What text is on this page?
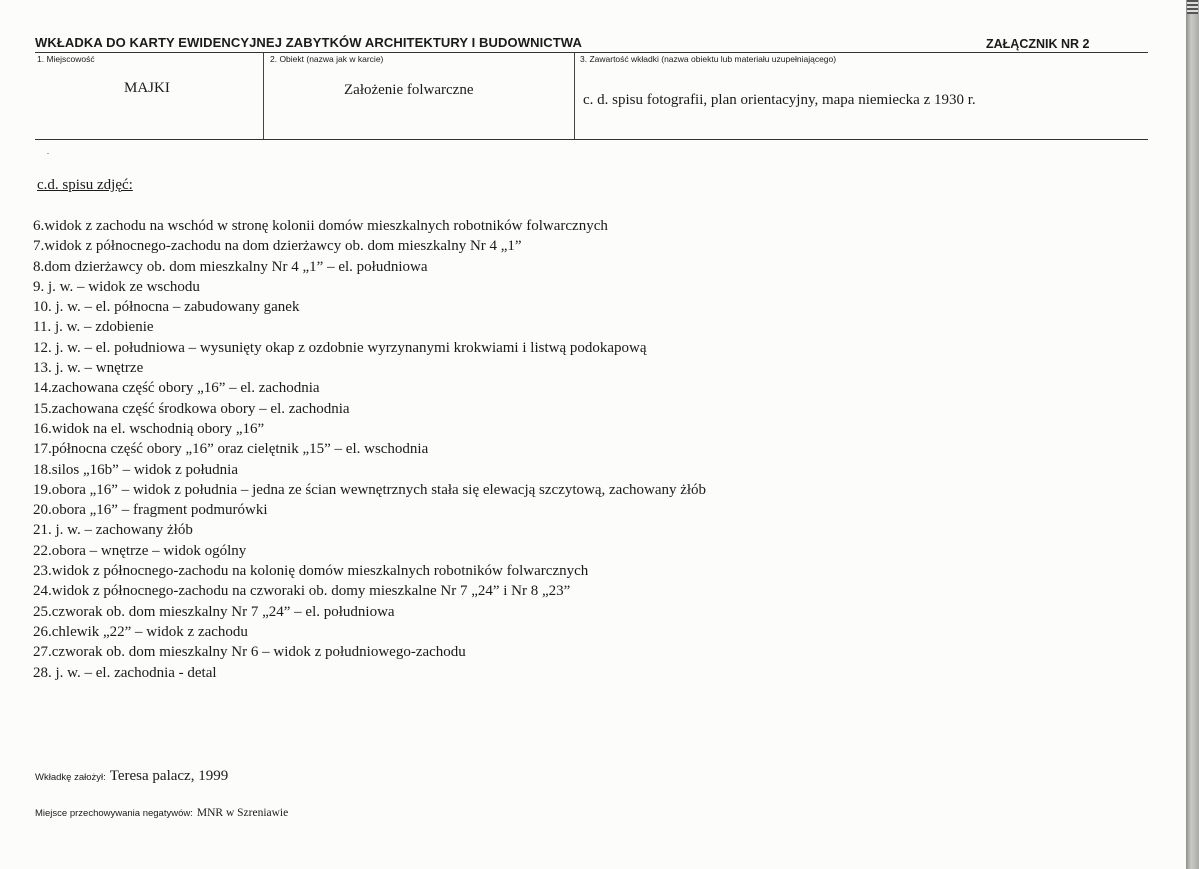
WKŁADKA DO KARTY EWIDENCYJNEJ ZABYTKÓW ARCHITEKTURY I BUDOWNICTWA	ZAŁĄCZNIK NR 2
1. Miejscowość	2. Obiekt (nazwa jak w karcie)	3. Zawartość wkładki (nazwa obiektu lub materiału uzupełniającego)
MAJKI	Założenie folwarczne
c. d. spisu fotografii, plan orientacyjny, mapa niemiecka z 1930 r.
c.d. spisu zdjęć:
6.widok z zachodu na wschód w stronę kolonii domów mieszkalnych robotników folwarcznych
7.widok z północnego-zachodu na dom dzierżawcy ob. dom mieszkalny Nr 4 „1”
8.dom dzierżawcy ob. dom mieszkalny Nr 4 „1” – el. południowa
9. j. w. – widok ze wschodu
10. j. w. – el. północna – zabudowany ganek
11. j. w. – zdobienie
12. j. w. – el. południowa – wysunięty okap z ozdobnie wyrzynanymi krokwiami i listwą podokapową
13. j. w. – wnętrze
14.zachowana część obory „16” – el. zachodnia
15.zachowana część środkowa obory – el. zachodnia
16.widok na el. wschodnią obory „16”
17.północna część obory „16” oraz cielętnik „15” – el. wschodnia
18.silos „16b” – widok z południa
19.obora „16” – widok z południa – jedna ze ścian wewnętrznych stała się elewacją szczytową, zachowany żłób
20.obora „16” – fragment podmurówki
21. j. w. – zachowany żłób
22.obora – wnętrze – widok ogólny
23.widok z północnego-zachodu na kolonię domów mieszkalnych robotników folwarcznych
24.widok z północnego-zachodu na czworaki ob. domy mieszkalne Nr 7 „24” i Nr 8 „23”
25.czworak ob. dom mieszkalny Nr 7 „24” – el. południowa
26.chlewik „22” – widok z zachodu
27.czworak ob. dom mieszkalny Nr 6 – widok z południowego-zachodu
28. j. w. – el. zachodnia - detal
Wkładkę założył: Teresa palacz, 1999
Miejsce przechowywania negatywów: MNR w Szreniawie
